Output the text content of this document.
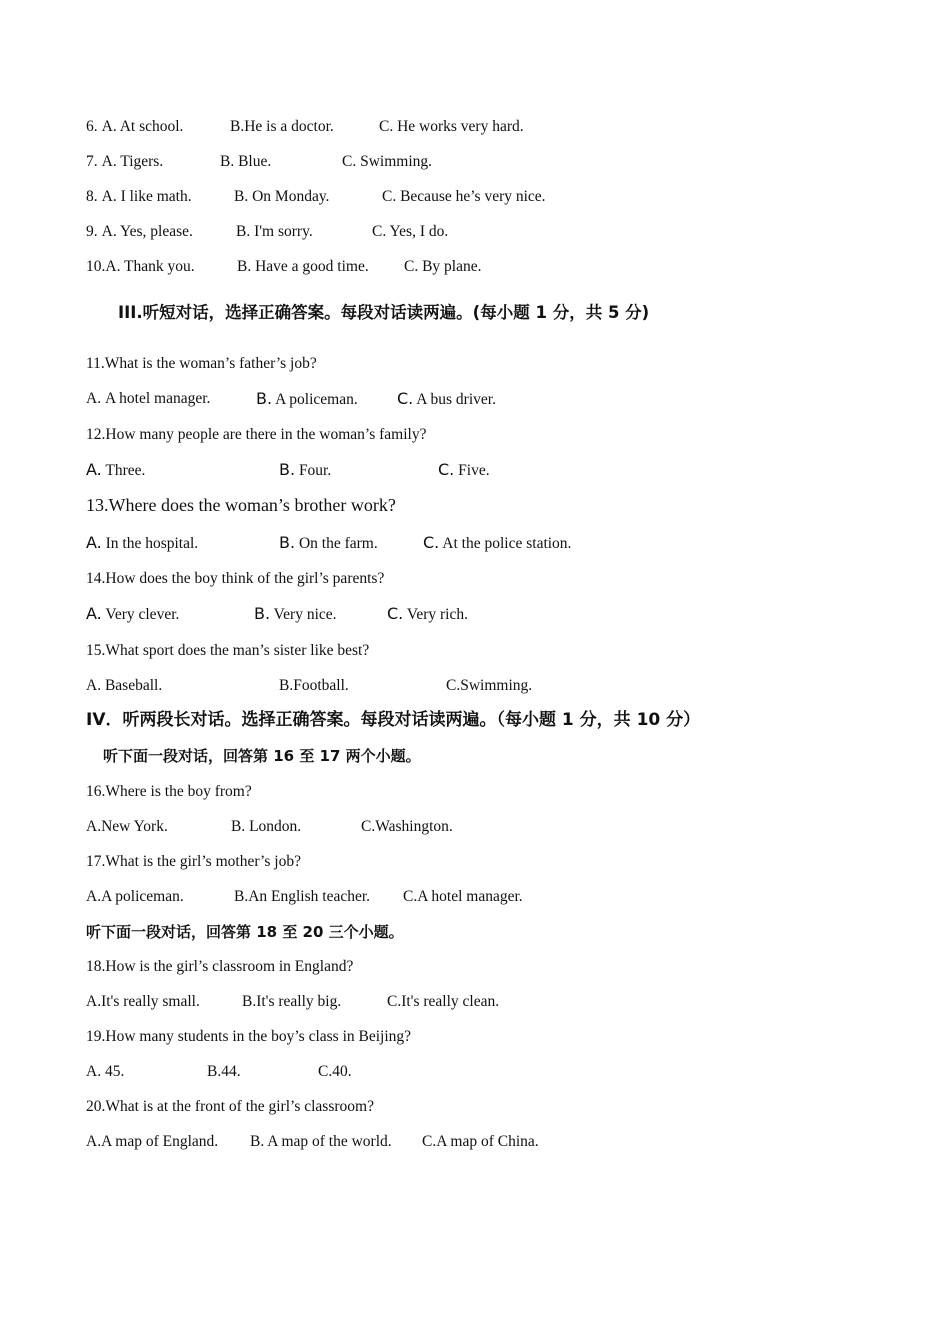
6. A. At school.	B.He is a doctor.	C. He works very hard.
7. A. Tigers.	B. Blue.	C. Swimming.
8. A. I like math.	B. On Monday.	C. Because he’s very nice.
9. A. Yes, please.	B. I'm sorry.	C. Yes, I do.
10.A. Thank you.	B. Have a good time. C. By plane.
III.听短对话，选择正确答案。每段对话读两遍。(每小题 1 分，共 5 分)
11.What is the woman’s father’s job?
A. A hotel manager.	B. A policeman. C. A bus driver.
12.How many people are there in the woman’s family?
A. Three.	B. Four.	C. Five.
13.Where does the woman’s brother work?
A. In the hospital.	B. On the farm.	C. At the police station.
14.How does the boy think of the girl’s parents?
A. Very clever.	B. Very nice.	C. Very rich.
15.What sport does the man’s sister like best?
A. Baseball.	B.Football.	C.Swimming.
IV．听两段长对话。选择正确答案。每段对话读两遍。（每小题 1 分，共 10 分）
听下面一段对话，回答第 16 至 17 两个小题。
16.Where is the boy from?
A.New York.	B. London.	C.Washington.
17.What is the girl’s mother’s job?
A.A policeman.	B.An English teacher. C.A hotel manager.
听下面一段对话，回答第 18 至 20 三个小题。
18.How is the girl’s classroom in England?
A.It's really small.	B.It's really big.	C.It's really clean.
19.How many students in the boy’s class in Beijing?
A. 45.	B.44.	C.40.
20.What is at the front of the girl’s classroom?
A.A map of England. B. A map of the world. C.A map of China.
